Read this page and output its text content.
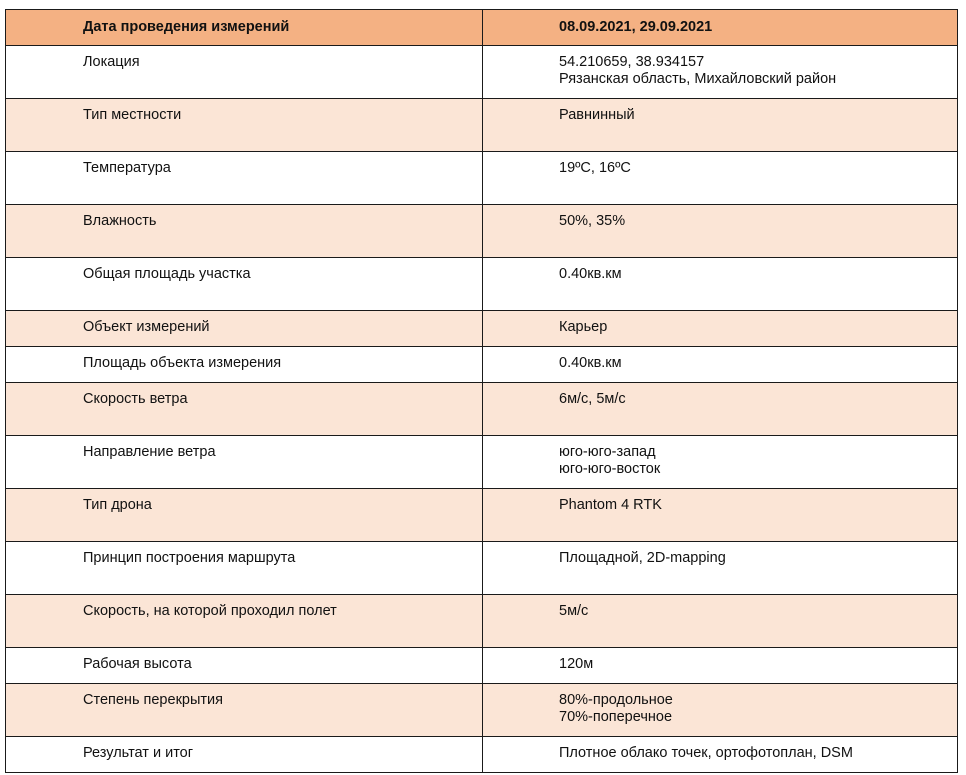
Дата проведения измерений	08.09.2021, 29.09.2021
Локация	54.210659, 38.934157
Рязанская область, Михайловский район

Тип местности	Равнинный
Температура	19ºC, 16ºC
Влажность	50%, 35%
Общая площадь участка	0.40кв.км
Объект измерений	Карьер
Площадь объекта измерения	0.40кв.км
Скорость ветра	6м/с, 5м/с
Направление ветра	юго-юго-запад
юго-юго-восток

Тип дрона	Phantom 4 RTK
Принцип построения маршрута	Площадной, 2D-mapping
Скорость, на которой проходил полет	5м/с
Рабочая высота	120м
Степень перекрытия	80%-продольное
70%-поперечное

Результат и итог	Плотное облако точек, ортофотоплан, DSM
